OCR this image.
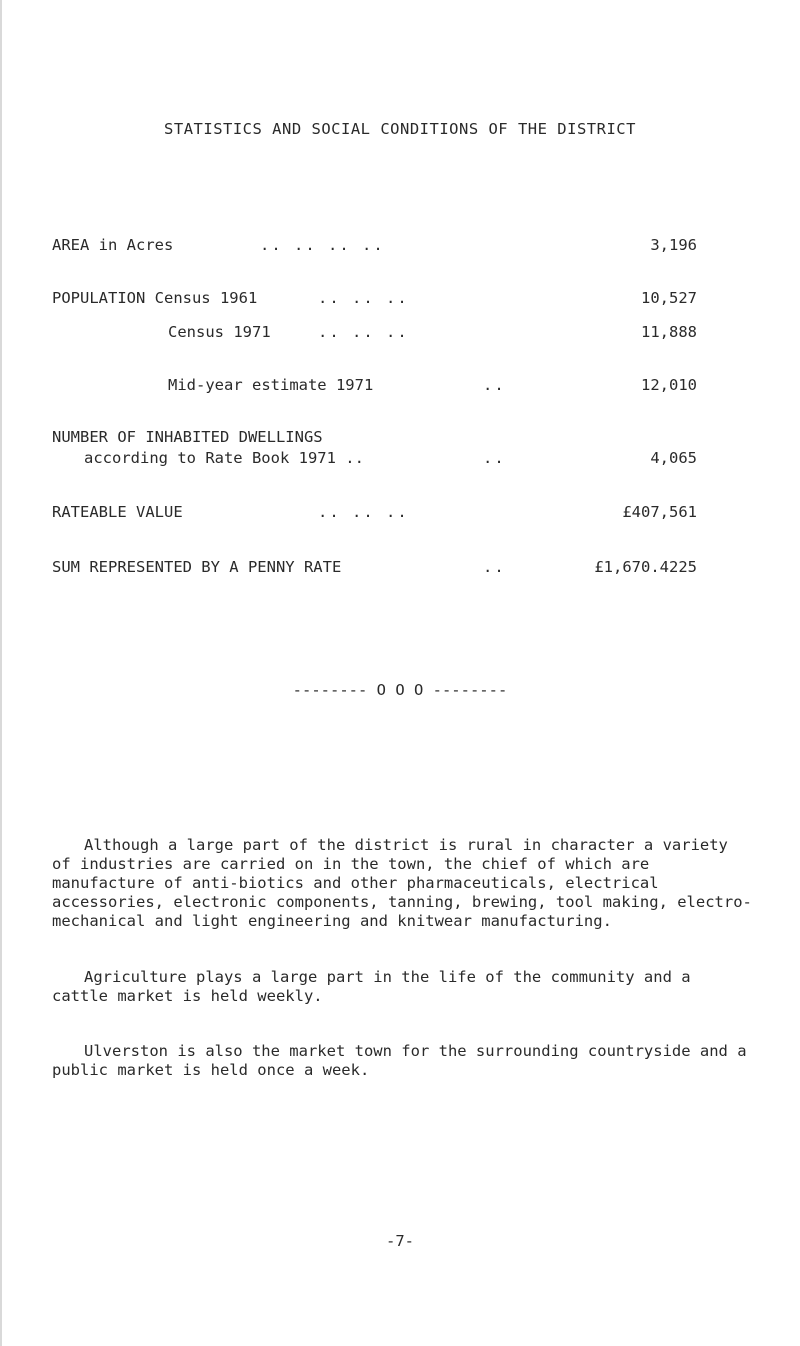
STATISTICS AND SOCIAL CONDITIONS OF THE DISTRICT
AREA in Acres	.. .. .. ..	3,196
POPULATION Census 1961	.. .. ..	10,527
Census 1971	.. .. ..	11,888
Mid-year estimate 1971	..	12,010
NUMBER OF INHABITED DWELLINGS
according to Rate Book 1971 ..	..	4,065
RATEABLE VALUE	.. .. ..	£407,561
SUM REPRESENTED BY A PENNY RATE	..	£1,670.4225
-------- O O O --------
Although a large part of the district is rural in character a variety of industries are carried on in the town, the chief of which are manufacture of anti-biotics and other pharmaceuticals, electrical accessories, electronic components, tanning, brewing, tool making, electro-mechanical and light engineering and knitwear manufacturing.
Agriculture plays a large part in the life of the community and a cattle market is held weekly.
Ulverston is also the market town for the surrounding countryside and a public market is held once a week.
-7-
